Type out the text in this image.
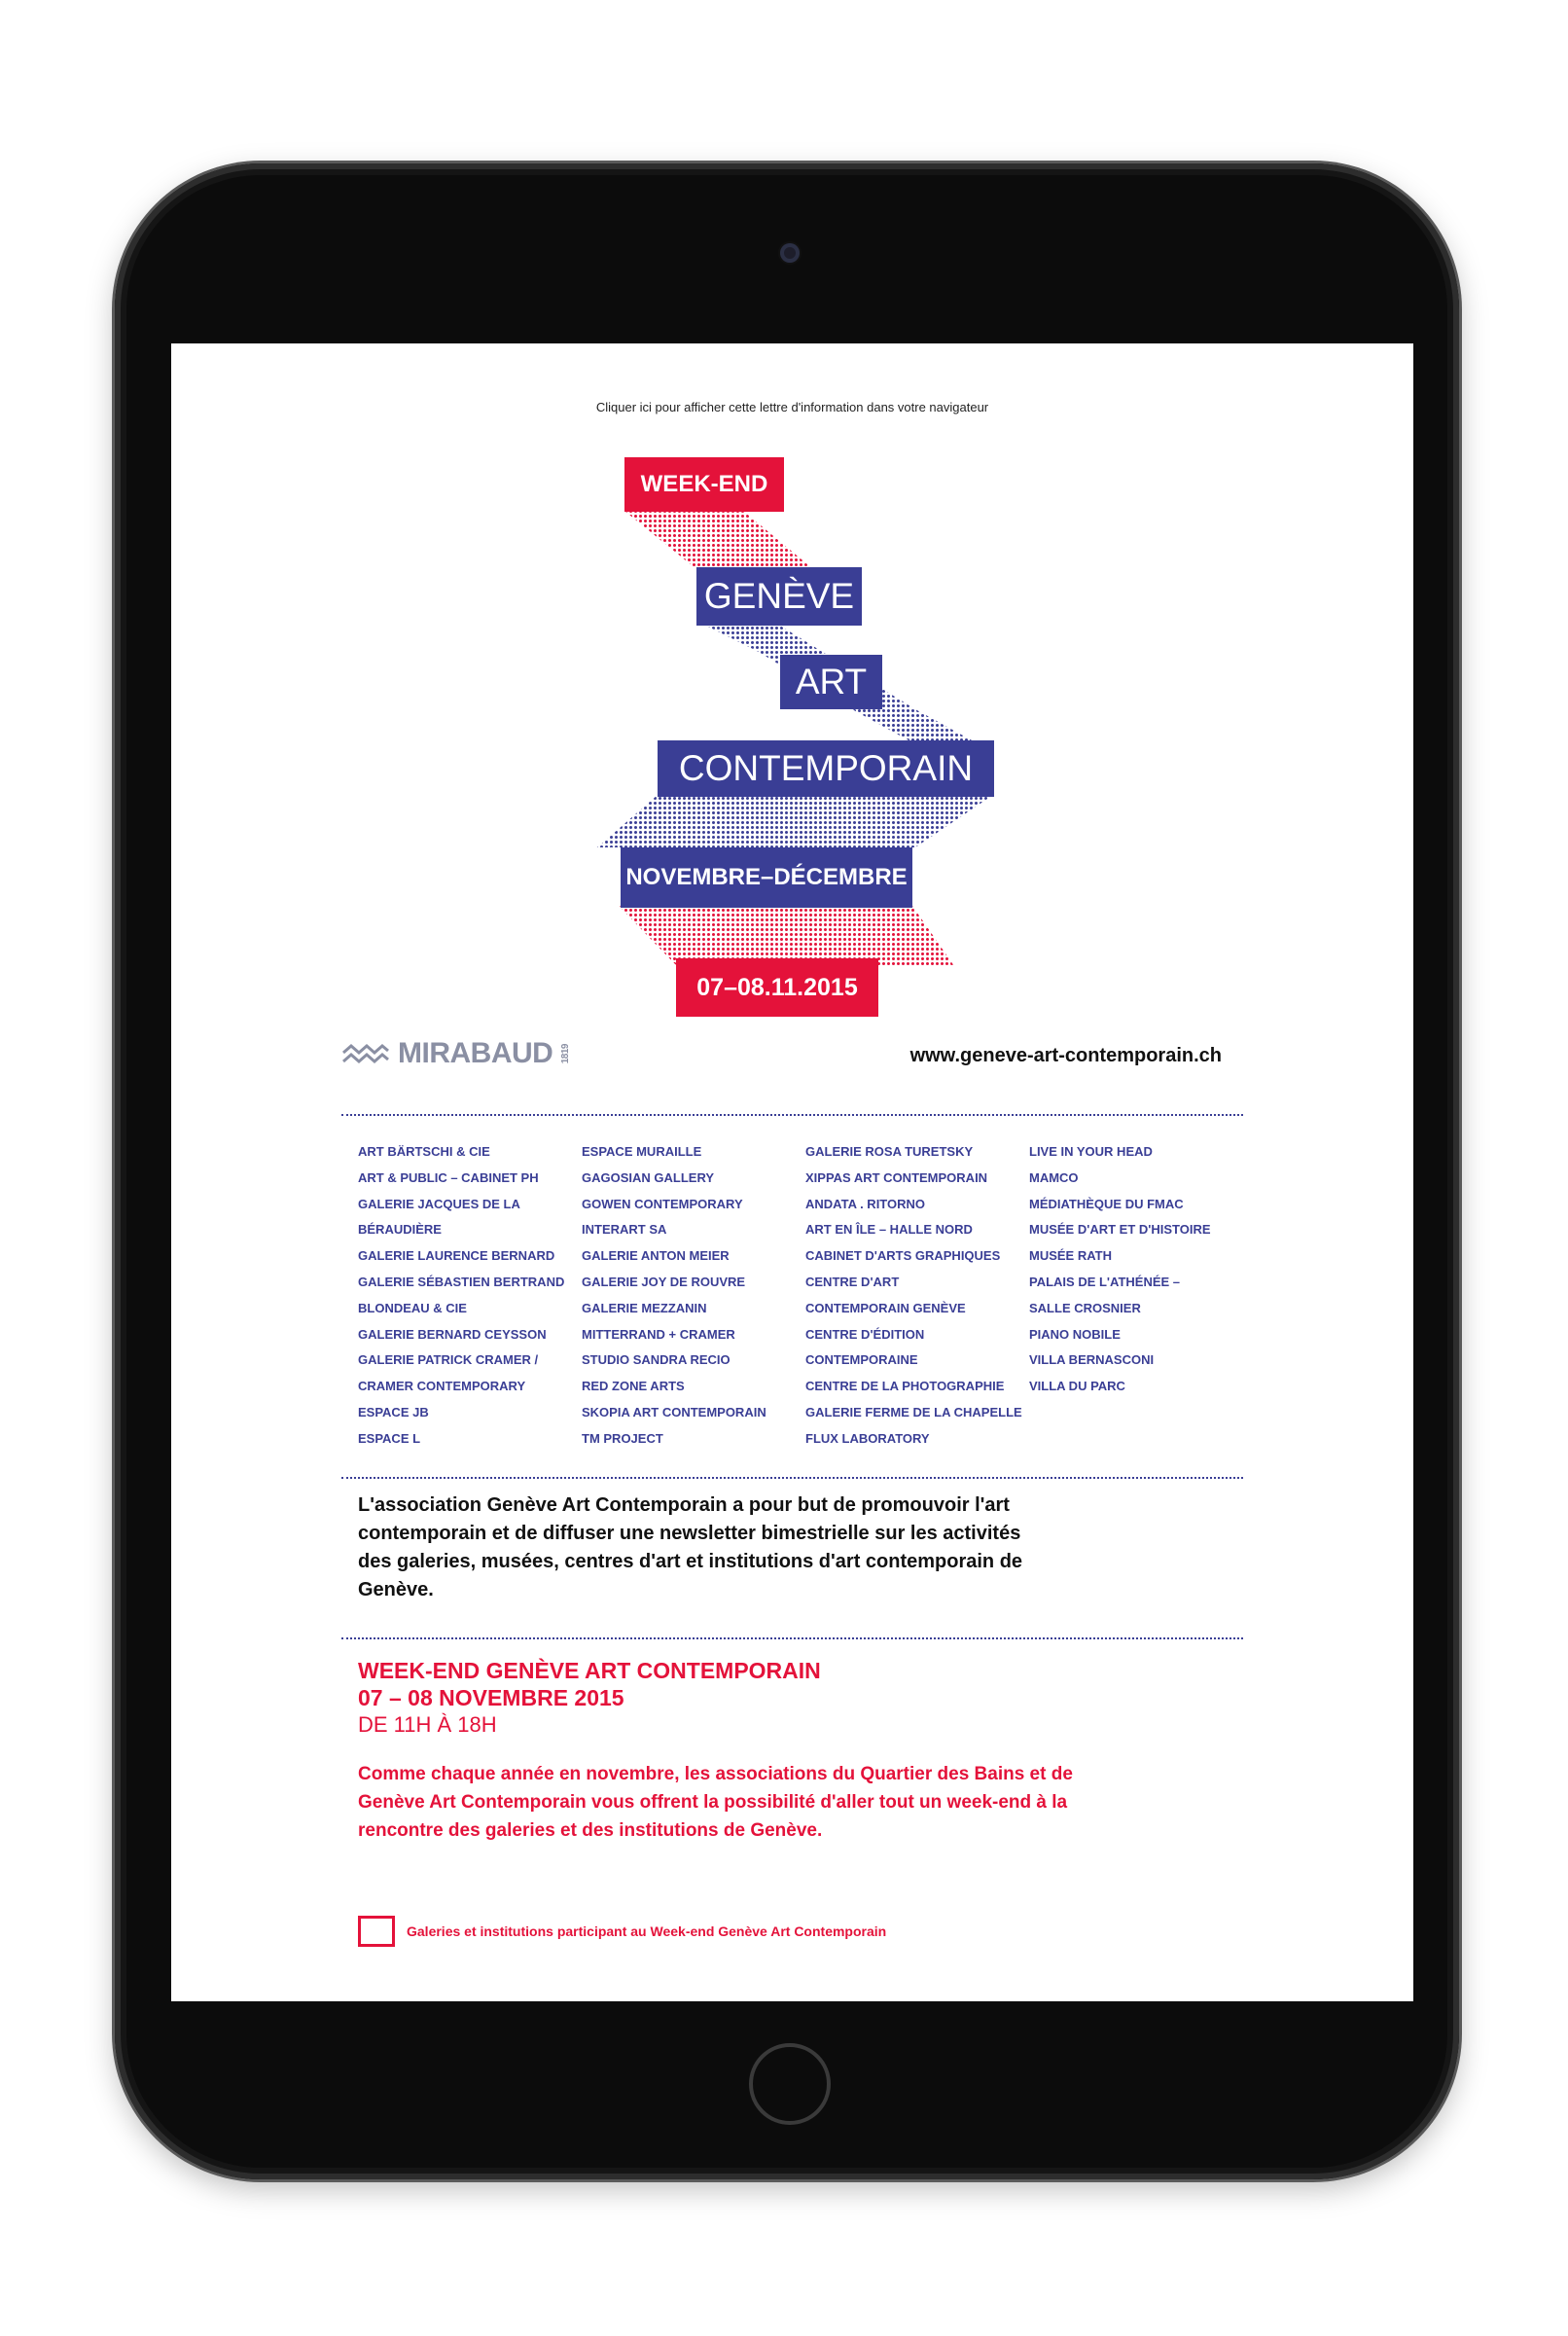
Cliquer ici pour afficher cette lettre d'information dans votre navigateur
WEEK-END
GENÈVE
ART
CONTEMPORAIN
NOVEMBRE–DÉCEMBRE
07–08.11.2015
MIRABAUD 1819	www.geneve-art-contemporain.ch
ART BÄRTSCHI & CIE
ART & PUBLIC – CABINET PH
GALERIE JACQUES DE LA
BÉRAUDIÈRE
GALERIE LAURENCE BERNARD
GALERIE SÉBASTIEN BERTRAND
BLONDEAU & CIE
GALERIE BERNARD CEYSSON
GALERIE PATRICK CRAMER /
CRAMER CONTEMPORARY
ESPACE JB
ESPACE L
ESPACE MURAILLE
GAGOSIAN GALLERY
GOWEN CONTEMPORARY
INTERART SA
GALERIE ANTON MEIER
GALERIE JOY DE ROUVRE
GALERIE MEZZANIN
MITTERRAND + CRAMER
STUDIO SANDRA RECIO
RED ZONE ARTS
SKOPIA ART CONTEMPORAIN
TM PROJECT
GALERIE ROSA TURETSKY
XIPPAS ART CONTEMPORAIN
ANDATA . RITORNO
ART EN ÎLE – HALLE NORD
CABINET D'ARTS GRAPHIQUES
CENTRE D'ART
CONTEMPORAIN GENÈVE
CENTRE D'ÉDITION
CONTEMPORAINE
CENTRE DE LA PHOTOGRAPHIE
GALERIE FERME DE LA CHAPELLE
FLUX LABORATORY
LIVE IN YOUR HEAD
MAMCO
MÉDIATHÈQUE DU FMAC
MUSÉE D'ART ET D'HISTOIRE
MUSÉE RATH
PALAIS DE L'ATHÉNÉE –
SALLE CROSNIER
PIANO NOBILE
VILLA BERNASCONI
VILLA DU PARC
L'association Genève Art Contemporain a pour but de promouvoir l'art contemporain et de diffuser une newsletter bimestrielle sur les activités des galeries, musées, centres d'art et institutions d'art contemporain de Genève.
WEEK-END GENÈVE ART CONTEMPORAIN
07 – 08 NOVEMBRE 2015
DE 11H À 18H
Comme chaque année en novembre, les associations du Quartier des Bains et de Genève Art Contemporain vous offrent la possibilité d'aller tout un week-end à la rencontre des galeries et des institutions de Genève.
Galeries et institutions participant au Week-end Genève Art Contemporain
